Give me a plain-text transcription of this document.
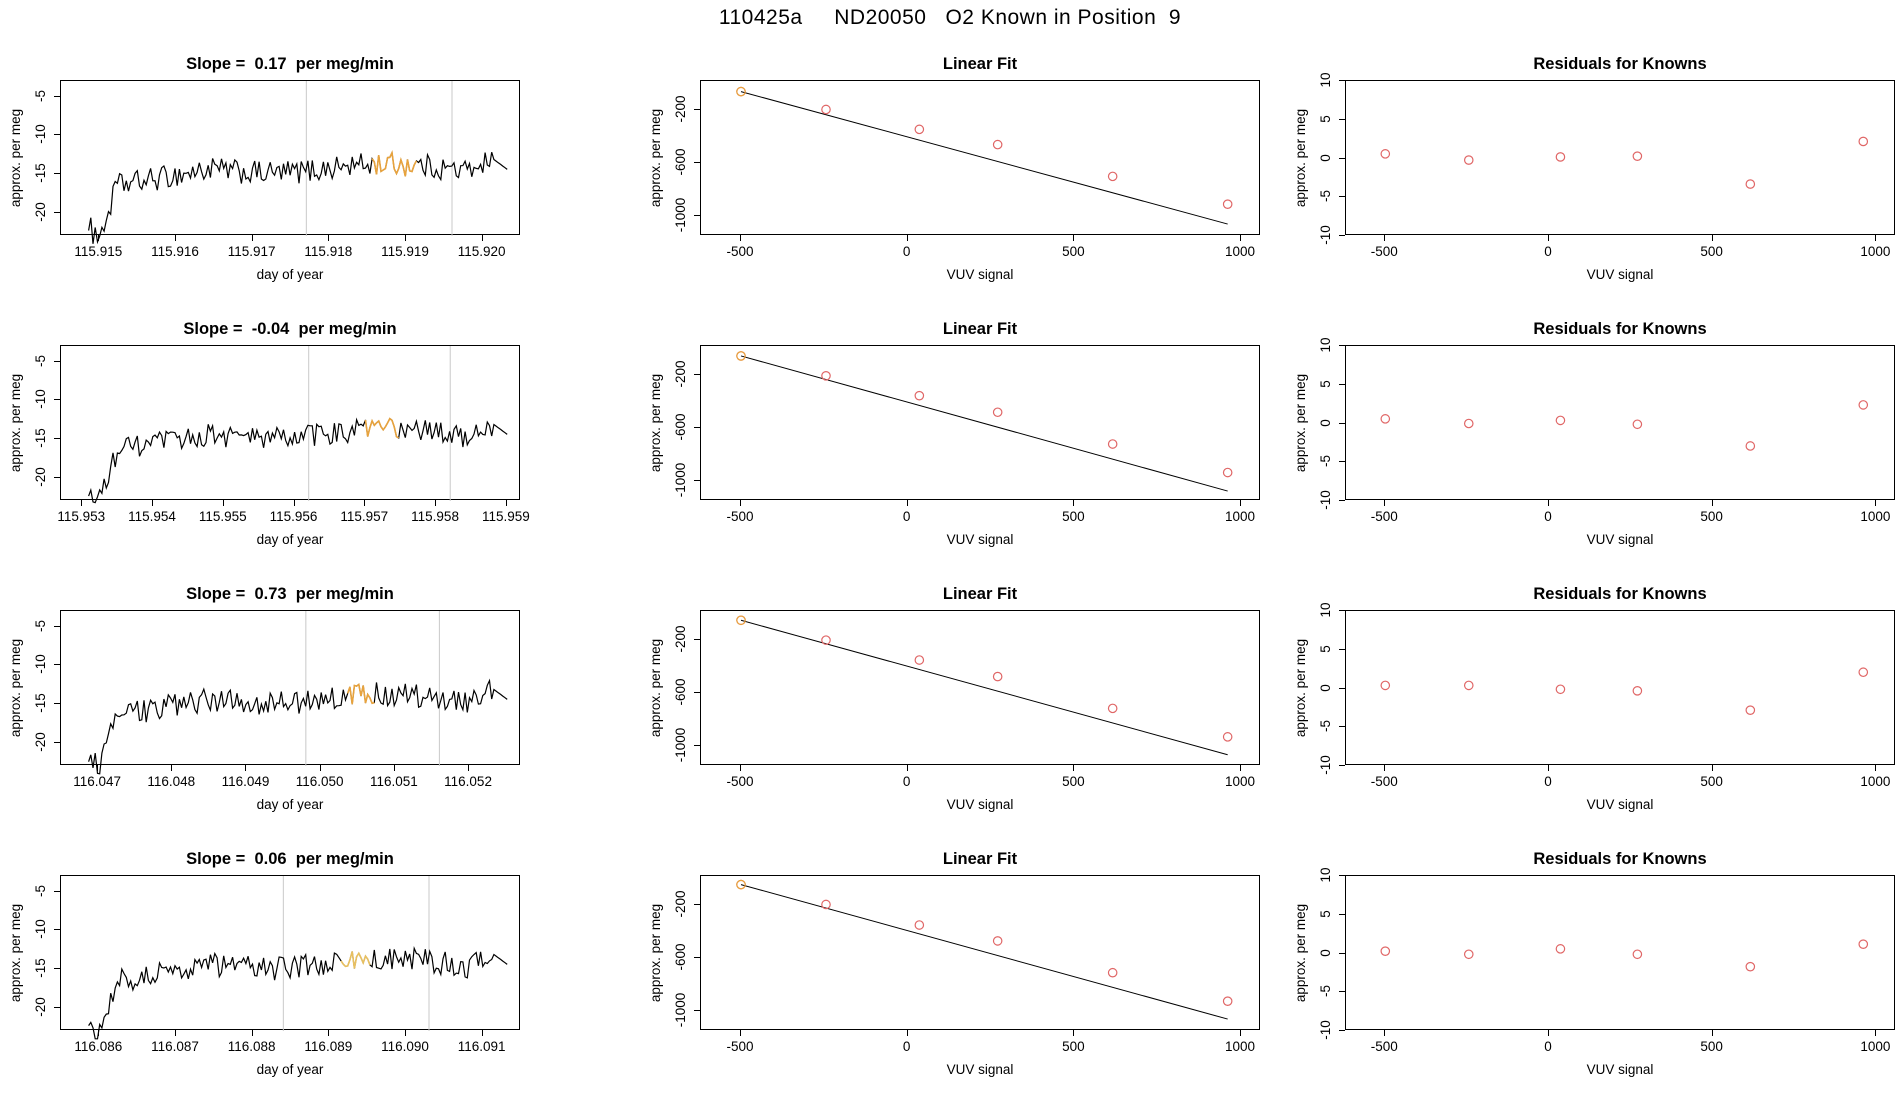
110425a     ND20050   O2 Known in Position  9
Slope =  0.17  per meg/min
115.915	115.916	115.917	115.918	115.919	115.920
-20
-15
-10
-5
day of year
approx. per meg
Linear Fit
-500	0	500	1000
-1000
-600
-200
VUV signal
approx. per meg
Residuals for Knowns
-500	0	500	1000
-10
-5
0
5
10
VUV signal
approx. per meg
Slope =  -0.04  per meg/min
115.953	115.954	115.955	115.956	115.957	115.958	115.959
-20
-15
-10
-5
day of year
approx. per meg
Linear Fit
-500	0	500	1000
-1000
-600
-200
VUV signal
approx. per meg
Residuals for Knowns
-500	0	500	1000
-10
-5
0
5
10
VUV signal
approx. per meg
Slope =  0.73  per meg/min
116.047	116.048	116.049	116.050	116.051	116.052
-20
-15
-10
-5
day of year
approx. per meg
Linear Fit
-500	0	500	1000
-1000
-600
-200
VUV signal
approx. per meg
Residuals for Knowns
-500	0	500	1000
-10
-5
0
5
10
VUV signal
approx. per meg
Slope =  0.06  per meg/min
116.086	116.087	116.088	116.089	116.090	116.091
-20
-15
-10
-5
day of year
approx. per meg
Linear Fit
-500	0	500	1000
-1000
-600
-200
VUV signal
approx. per meg
Residuals for Knowns
-500	0	500	1000
-10
-5
0
5
10
VUV signal
approx. per meg
